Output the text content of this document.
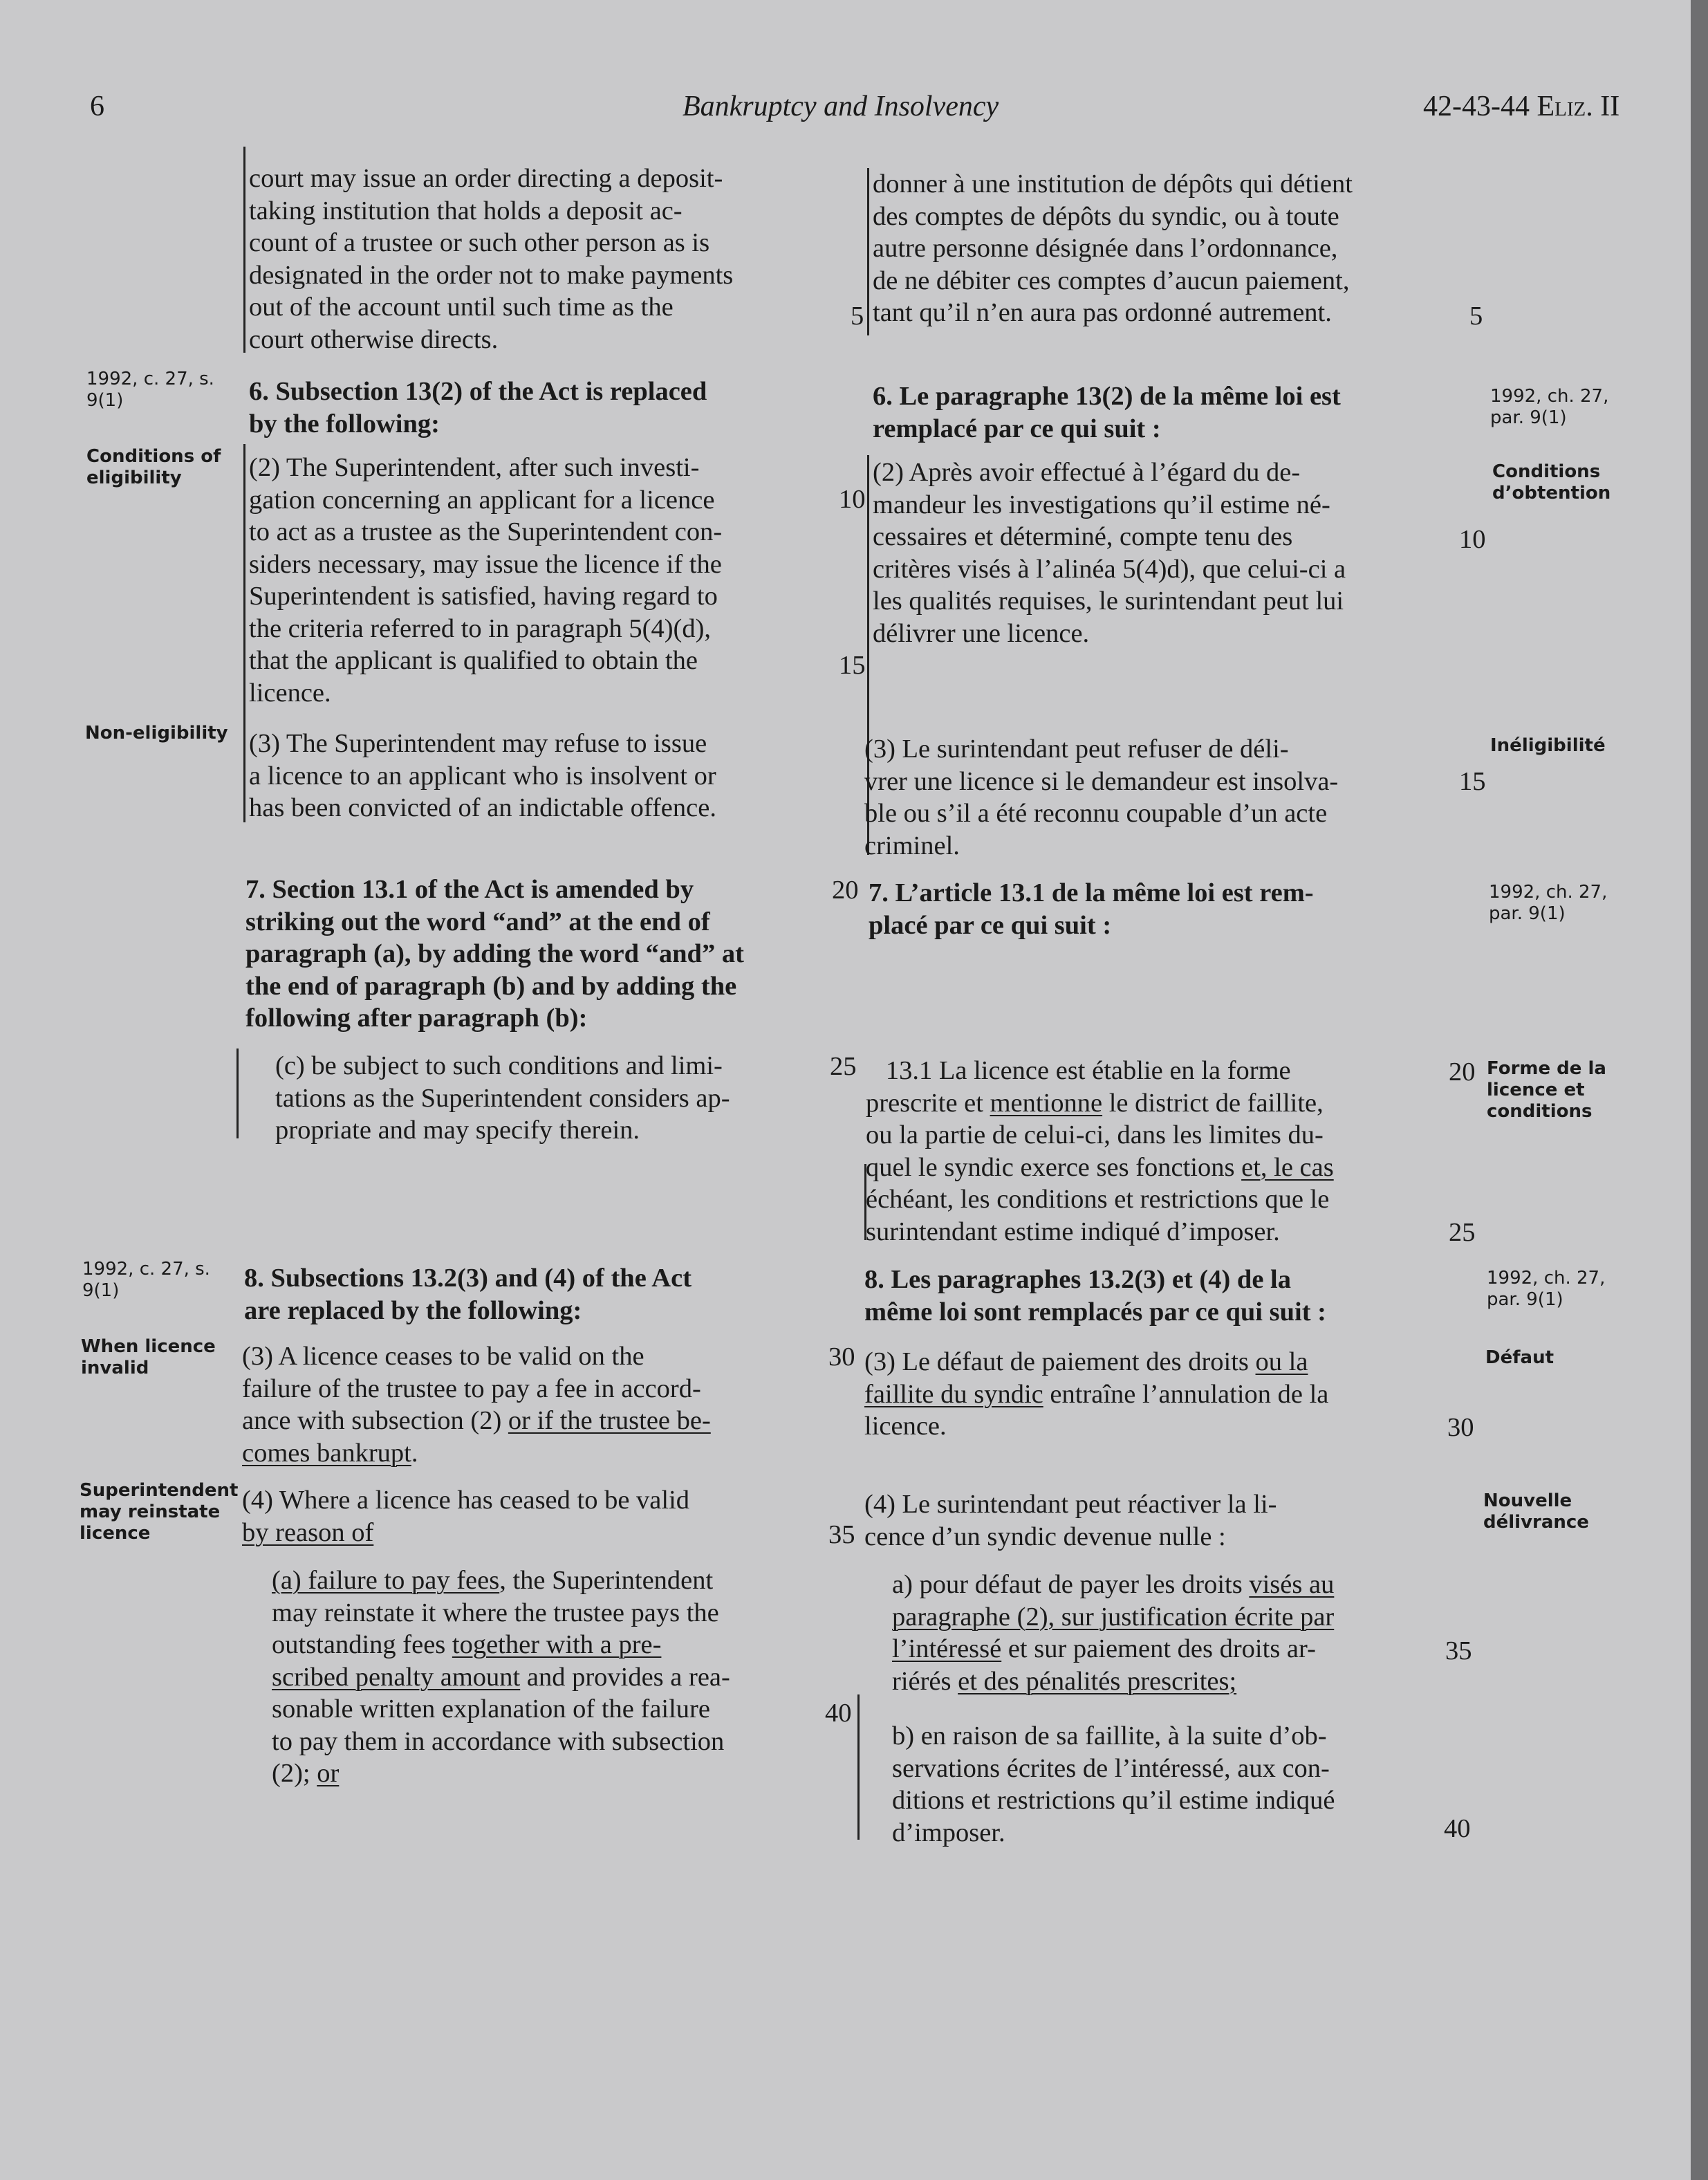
6	Bankruptcy and Insolvency	42-43-44 Eliz. II
court may issue an order directing a deposit-
taking institution that holds a deposit ac-
count of a trustee or such other person as is
designated in the order not to make payments
out of the account until such time as the
court otherwise directs.
6. Subsection 13(2) of the Act is replaced
by the following:
(2) The Superintendent, after such investi-
gation concerning an applicant for a licence
to act as a trustee as the Superintendent con-
siders necessary, may issue the licence if the
Superintendent is satisfied, having regard to
the criteria referred to in paragraph 5(4)(d),
that the applicant is qualified to obtain the
licence.
(3) The Superintendent may refuse to issue
a licence to an applicant who is insolvent or
has been convicted of an indictable offence.
7. Section 13.1 of the Act is amended by
striking out the word “and” at the end of
paragraph (a), by adding the word “and” at
the end of paragraph (b) and by adding the
following after paragraph (b):
(c) be subject to such conditions and limi-
tations as the Superintendent considers ap-
propriate and may specify therein.
8. Subsections 13.2(3) and (4) of the Act
are replaced by the following:
(3) A licence ceases to be valid on the
failure of the trustee to pay a fee in accord-
ance with subsection (2) or if the trustee be-
comes bankrupt.
(4) Where a licence has ceased to be valid
by reason of
(a) failure to pay fees, the Superintendent
may reinstate it where the trustee pays the
outstanding fees together with a pre-
scribed penalty amount and provides a rea-
sonable written explanation of the failure
to pay them in accordance with subsection
(2); or
donner à une institution de dépôts qui détient
des comptes de dépôts du syndic, ou à toute
autre personne désignée dans l’ordonnance,
de ne débiter ces comptes d’aucun paiement,
tant qu’il n’en aura pas ordonné autrement.
6. Le paragraphe 13(2) de la même loi est
remplacé par ce qui suit :
(2) Après avoir effectué à l’égard du de-
mandeur les investigations qu’il estime né-
cessaires et déterminé, compte tenu des
critères visés à l’alinéa 5(4)d), que celui-ci a
les qualités requises, le surintendant peut lui
délivrer une licence.
(3) Le surintendant peut refuser de déli-
vrer une licence si le demandeur est insolva-
ble ou s’il a été reconnu coupable d’un acte
criminel.
7. L’article 13.1 de la même loi est rem-
placé par ce qui suit :
13.1 La licence est établie en la forme
prescrite et mentionne le district de faillite,
ou la partie de celui-ci, dans les limites du-
quel le syndic exerce ses fonctions et, le cas
échéant, les conditions et restrictions que le
surintendant estime indiqué d’imposer.
8. Les paragraphes 13.2(3) et (4) de la
même loi sont remplacés par ce qui suit :
(3) Le défaut de paiement des droits ou la
faillite du syndic entraîne l’annulation de la
licence.
(4) Le surintendant peut réactiver la li-
cence d’un syndic devenue nulle :
a) pour défaut de payer les droits visés au
paragraphe (2), sur justification écrite par
l’intéressé et sur paiement des droits ar-
riérés et des pénalités prescrites;
b) en raison de sa faillite, à la suite d’ob-
servations écrites de l’intéressé, aux con-
ditions et restrictions qu’il estime indiqué
d’imposer.
5	5
10
10
15
15
20
25	20
25
30
30
35
35
40
40
1992, c. 27, s.
9(1)
Conditions of
eligibility
Non-eligibility
1992, c. 27, s.
9(1)
When licence
invalid
Superintendent
may reinstate
licence
1992, ch. 27,
par. 9(1)
Conditions
d’obtention
Inéligibilité
1992, ch. 27,
par. 9(1)
Forme de la
licence et
conditions
1992, ch. 27,
par. 9(1)
Défaut
Nouvelle
délivrance
